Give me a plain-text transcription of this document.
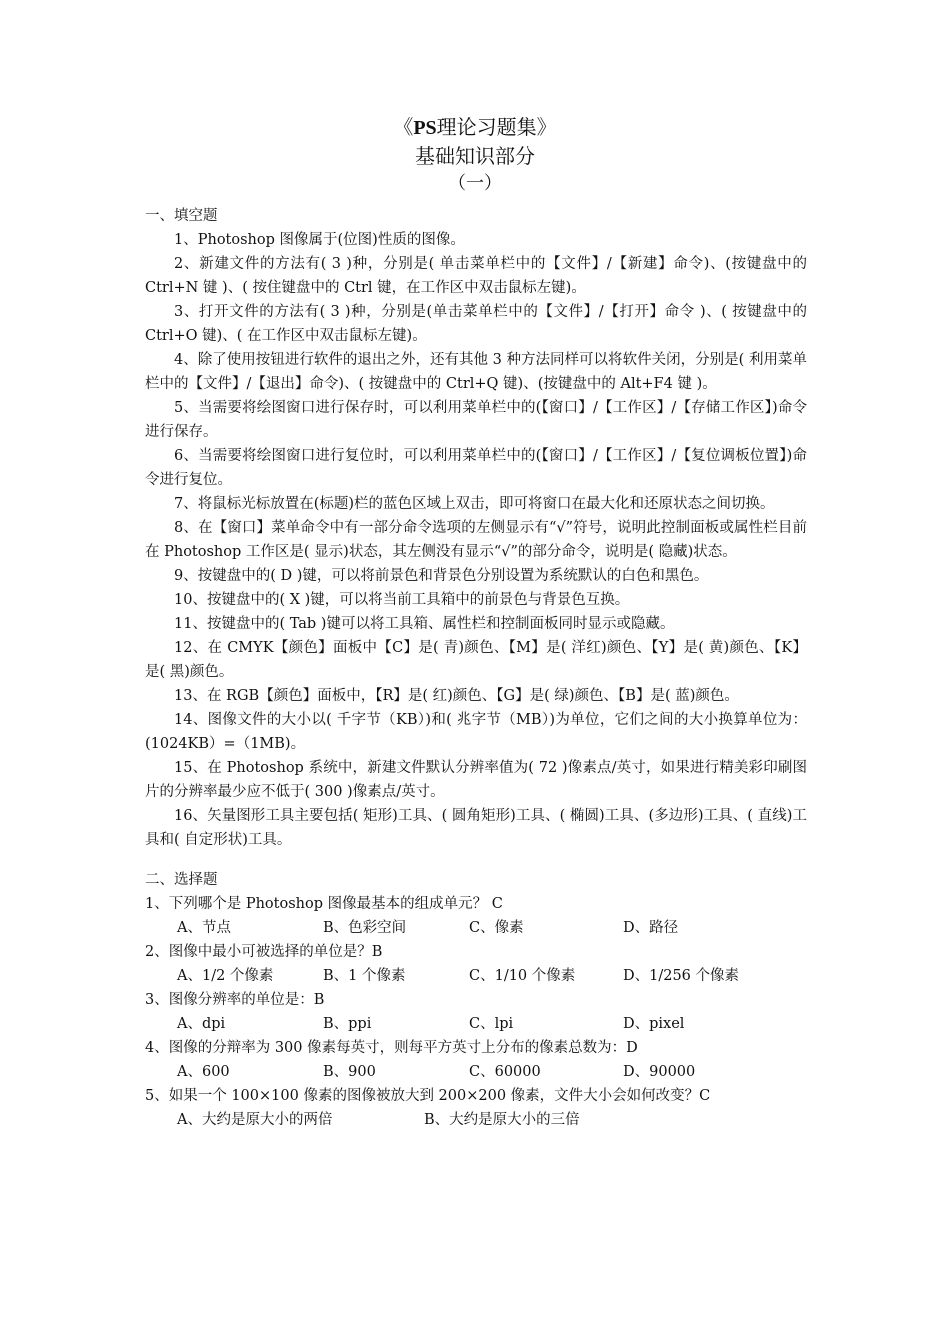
《PS理论习题集》
基础知识部分
（一）

一、填空题

1、Photoshop 图像属于(位图)性质的图像。

2、新建文件的方法有( 3 )种，分别是( 单击菜单栏中的【文件】/【新建】命令)、(按键盘中的 Ctrl+N 键 )、( 按住键盘中的 Ctrl 键，在工作区中双击鼠标左键)。

3、打开文件的方法有( 3 )种，分别是(单击菜单栏中的【文件】/【打开】命令 )、( 按键盘中的 Ctrl+O 键)、( 在工作区中双击鼠标左键)。

4、除了使用按钮进行软件的退出之外，还有其他 3 种方法同样可以将软件关闭，分别是( 利用菜单栏中的【文件】/【退出】命令)、( 按键盘中的 Ctrl+Q 键)、(按键盘中的 Alt+F4 键 )。

5、当需要将绘图窗口进行保存时，可以利用菜单栏中的(【窗口】/【工作区】/【存储工作区】)命令进行保存。

6、当需要将绘图窗口进行复位时，可以利用菜单栏中的(【窗口】/【工作区】/【复位调板位置】)命令进行复位。

7、将鼠标光标放置在(标题)栏的蓝色区域上双击，即可将窗口在最大化和还原状态之间切换。

8、在【窗口】菜单命令中有一部分命令选项的左侧显示有“√”符号，说明此控制面板或属性栏目前在 Photoshop 工作区是( 显示)状态，其左侧没有显示“√”的部分命令，说明是( 隐藏)状态。

9、按键盘中的( D )键，可以将前景色和背景色分别设置为系统默认的白色和黑色。

10、按键盘中的( X )键，可以将当前工具箱中的前景色与背景色互换。

11、按键盘中的( Tab )键可以将工具箱、属性栏和控制面板同时显示或隐藏。

12、在 CMYK【颜色】面板中【C】是( 青)颜色、【M】是( 洋红)颜色、【Y】是( 黄)颜色、【K】是( 黑)颜色。

13、在 RGB【颜色】面板中，【R】是( 红)颜色、【G】是( 绿)颜色、【B】是( 蓝)颜色。

14、图像文件的大小以( 千字节（KB）)和( 兆字节（MB）)为单位，它们之间的大小换算单位为：(1024KB）=（1MB)。

15、在 Photoshop 系统中，新建文件默认分辨率值为( 72 )像素点/英寸，如果进行精美彩印刷图片的分辨率最少应不低于( 300 )像素点/英寸。

16、矢量图形工具主要包括( 矩形)工具、( 圆角矩形)工具、( 椭圆)工具、(多边形)工具、( 直线)工具和( 自定形状)工具。

二、选择题

1、下列哪个是 Photoshop 图像最基本的组成单元？ C

A、节点	B、色彩空间	C、像素	D、路径

2、图像中最小可被选择的单位是？B

A、1/2 个像素	B、1 个像素	C、1/10 个像素	D、1/256 个像素

3、图像分辨率的单位是：B

A、dpi	B、ppi	C、lpi	D、pixel

4、图像的分辩率为 300 像素每英寸，则每平方英寸上分布的像素总数为：D

A、600	B、900	C、60000	D、90000

5、如果一个 100×100 像素的图像被放大到 200×200 像素，文件大小会如何改变？C

A、大约是原大小的两倍	B、大约是原大小的三倍
